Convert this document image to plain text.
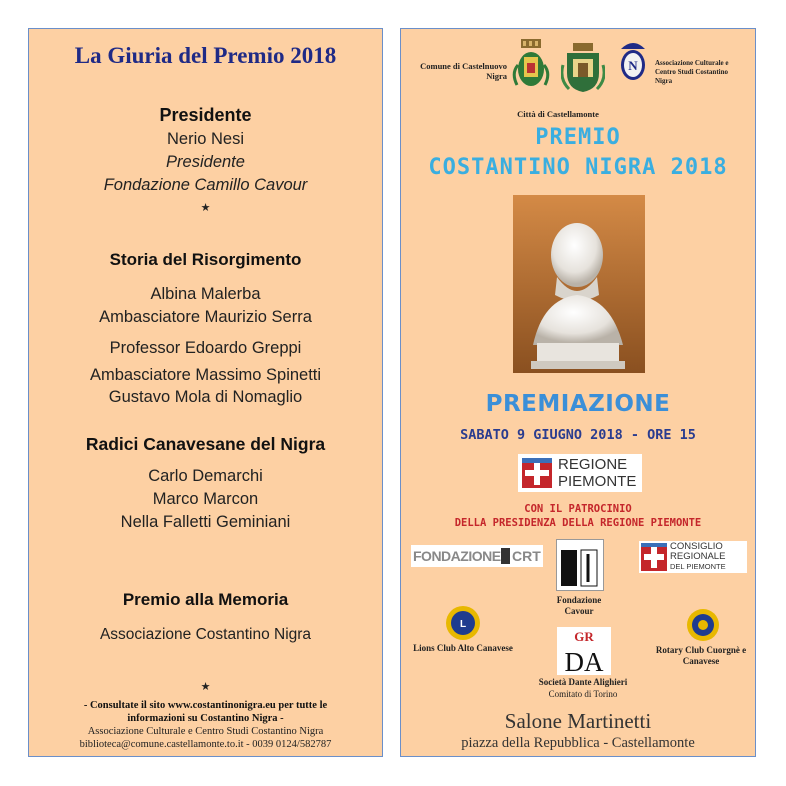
La Giuria del Premio 2018
Presidente
Nerio Nesi
Presidente
Fondazione Camillo Cavour
★
Storia del Risorgimento
Albina Malerba
Ambasciatore Maurizio Serra
Professor Edoardo Greppi
Ambasciatore Massimo Spinetti
Gustavo Mola di Nomaglio
Radici Canavesane del Nigra
Carlo Demarchi
Marco Marcon
Nella Falletti Geminiani
Premio alla Memoria
Associazione Costantino Nigra
★
- Consultate il sito www.costantinonigra.eu per tutte le
informazioni su Costantino Nigra -
Associazione Culturale e Centro Studi Costantino Nigra
biblioteca@comune.castellamonte.to.it - 0039 0124/582787
Comune di Castelnuovo Nigra
N Associazione Culturale e Centro Studi Costantino Nigra
Città di Castellamonte
PREMIO
COSTANTINO NIGRA 2018
PREMIAZIONE
SABATO 9 GIUGNO 2018 - ORE 15
REGIONE
PIEMONTE
CON IL PATROCINIO
DELLA PRESIDENZA DELLA REGIONE PIEMONTE
FONDAZIONE CRT
Fondazione Cavour
CONSIGLIO
REGIONALE
DEL PIEMONTE
L
Lions Club Alto Canavese
GR
DA
Società Dante Alighieri
Comitato di Torino
Rotary Club Cuorgnè e Canavese
Salone Martinetti
piazza della Repubblica - Castellamonte
